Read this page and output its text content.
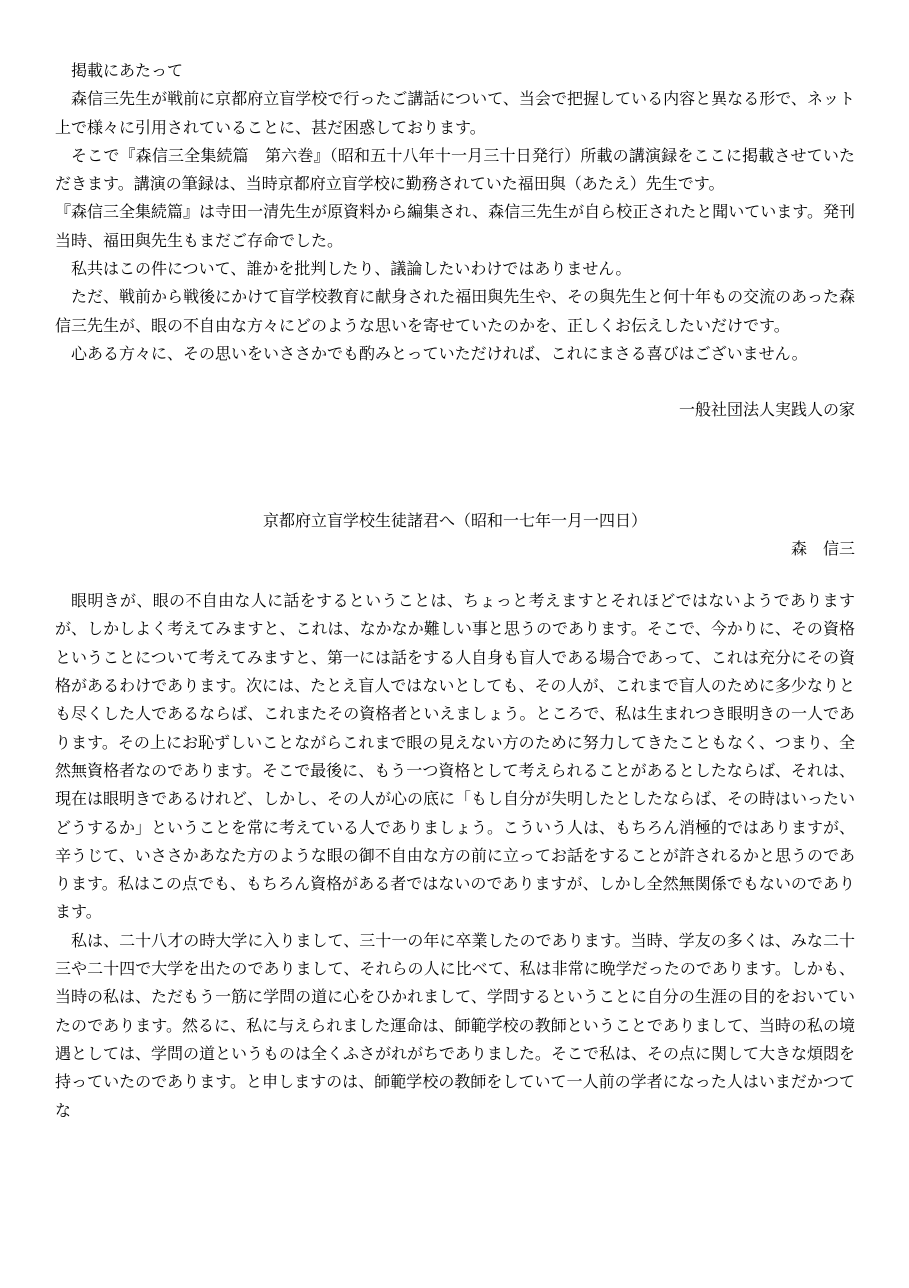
掲載にあたって

森信三先生が戦前に京都府立盲学校で行ったご講話について、当会で把握している内容と異なる形で、ネット上で様々に引用されていることに、甚だ困惑しております。

そこで『森信三全集続篇　第六巻』（昭和五十八年十一月三十日発行）所載の講演録をここに掲載させていただきます。講演の筆録は、当時京都府立盲学校に勤務されていた福田與（あたえ）先生です。

『森信三全集続篇』は寺田一清先生が原資料から編集され、森信三先生が自ら校正されたと聞いています。発刊当時、福田與先生もまだご存命でした。

私共はこの件について、誰かを批判したり、議論したいわけではありません。

ただ、戦前から戦後にかけて盲学校教育に献身された福田與先生や、その與先生と何十年もの交流のあった森信三先生が、眼の不自由な方々にどのような思いを寄せていたのかを、正しくお伝えしたいだけです。

心ある方々に、その思いをいささかでも酌みとっていただければ、これにまさる喜びはございません。

一般社団法人実践人の家

京都府立盲学校生徒諸君へ（昭和一七年一月一四日）

森　信三

眼明きが、眼の不自由な人に話をするということは、ちょっと考えますとそれほどではないようでありますが、しかしよく考えてみますと、これは、なかなか難しい事と思うのであります。そこで、今かりに、その資格ということについて考えてみますと、第一には話をする人自身も盲人である場合であって、これは充分にその資格があるわけであります。次には、たとえ盲人ではないとしても、その人が、これまで盲人のために多少なりとも尽くした人であるならば、これまたその資格者といえましょう。ところで、私は生まれつき眼明きの一人であります。その上にお恥ずしいことながらこれまで眼の見えない方のために努力してきたこともなく、つまり、全然無資格者なのであります。そこで最後に、もう一つ資格として考えられることがあるとしたならば、それは、現在は眼明きであるけれど、しかし、その人が心の底に「もし自分が失明したとしたならば、その時はいったいどうするか」ということを常に考えている人でありましょう。こういう人は、もちろん消極的ではありますが、辛うじて、いささかあなた方のような眼の御不自由な方の前に立ってお話をすることが許されるかと思うのであります。私はこの点でも、もちろん資格がある者ではないのでありますが、しかし全然無関係でもないのであります。

私は、二十八才の時大学に入りまして、三十一の年に卒業したのであります。当時、学友の多くは、みな二十三や二十四で大学を出たのでありまして、それらの人に比べて、私は非常に晩学だったのであります。しかも、当時の私は、ただもう一筋に学問の道に心をひかれまして、学問するということに自分の生涯の目的をおいていたのであります。然るに、私に与えられました運命は、師範学校の教師ということでありまして、当時の私の境遇としては、学問の道というものは全くふさがれがちでありました。そこで私は、その点に関して大きな煩悶を持っていたのであります。と申しますのは、師範学校の教師をしていて一人前の学者になった人はいまだかつてな
